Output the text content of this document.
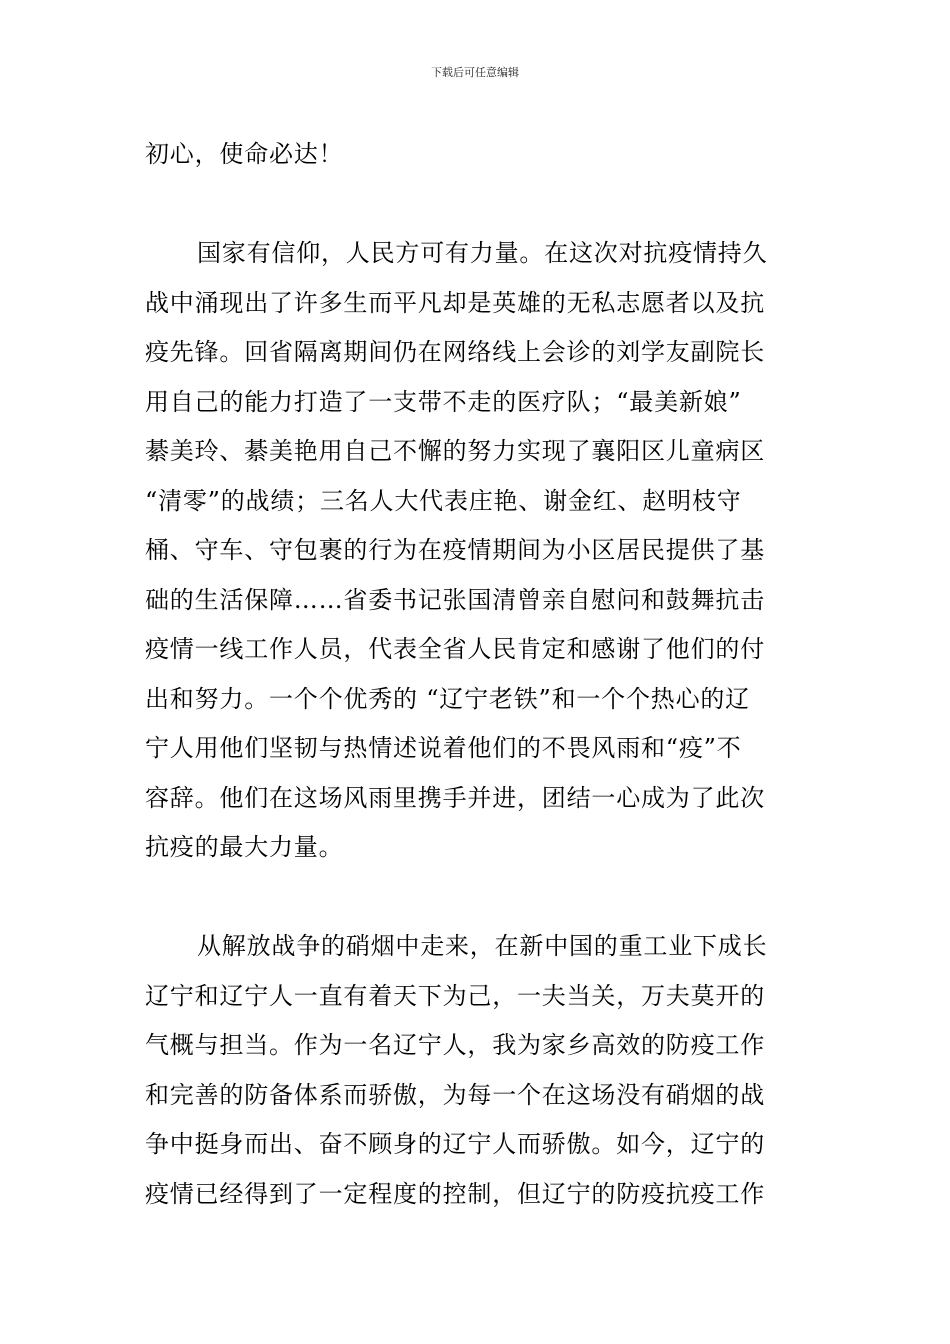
下载后可任意编辑
初心，使命必达！
国家有信仰，人民方可有力量。在这次对抗疫情持久
战中涌现出了许多生而平凡却是英雄的无私志愿者以及抗
疫先锋。回省隔离期间仍在网络线上会诊的刘学友副院长
用自己的能力打造了一支带不走的医疗队；“最美新娘”
綦美玲、綦美艳用自己不懈的努力实现了襄阳区儿童病区
“清零”的战绩；三名人大代表庄艳、谢金红、赵明枝守
桶、守车、守包裹的行为在疫情期间为小区居民提供了基
础的生活保障……省委书记张国清曾亲自慰问和鼓舞抗击
疫情一线工作人员，代表全省人民肯定和感谢了他们的付
出和努力。一个个优秀的 “辽宁老铁”和一个个热心的辽
宁人用他们坚韧与热情述说着他们的不畏风雨和“疫”不
容辞。他们在这场风雨里携手并进，团结一心成为了此次
抗疫的最大力量。
从解放战争的硝烟中走来，在新中国的重工业下成长
辽宁和辽宁人一直有着天下为己，一夫当关，万夫莫开的
气概与担当。作为一名辽宁人，我为家乡高效的防疫工作
和完善的防备体系而骄傲，为每一个在这场没有硝烟的战
争中挺身而出、奋不顾身的辽宁人而骄傲。如今，辽宁的
疫情已经得到了一定程度的控制，但辽宁的防疫抗疫工作
